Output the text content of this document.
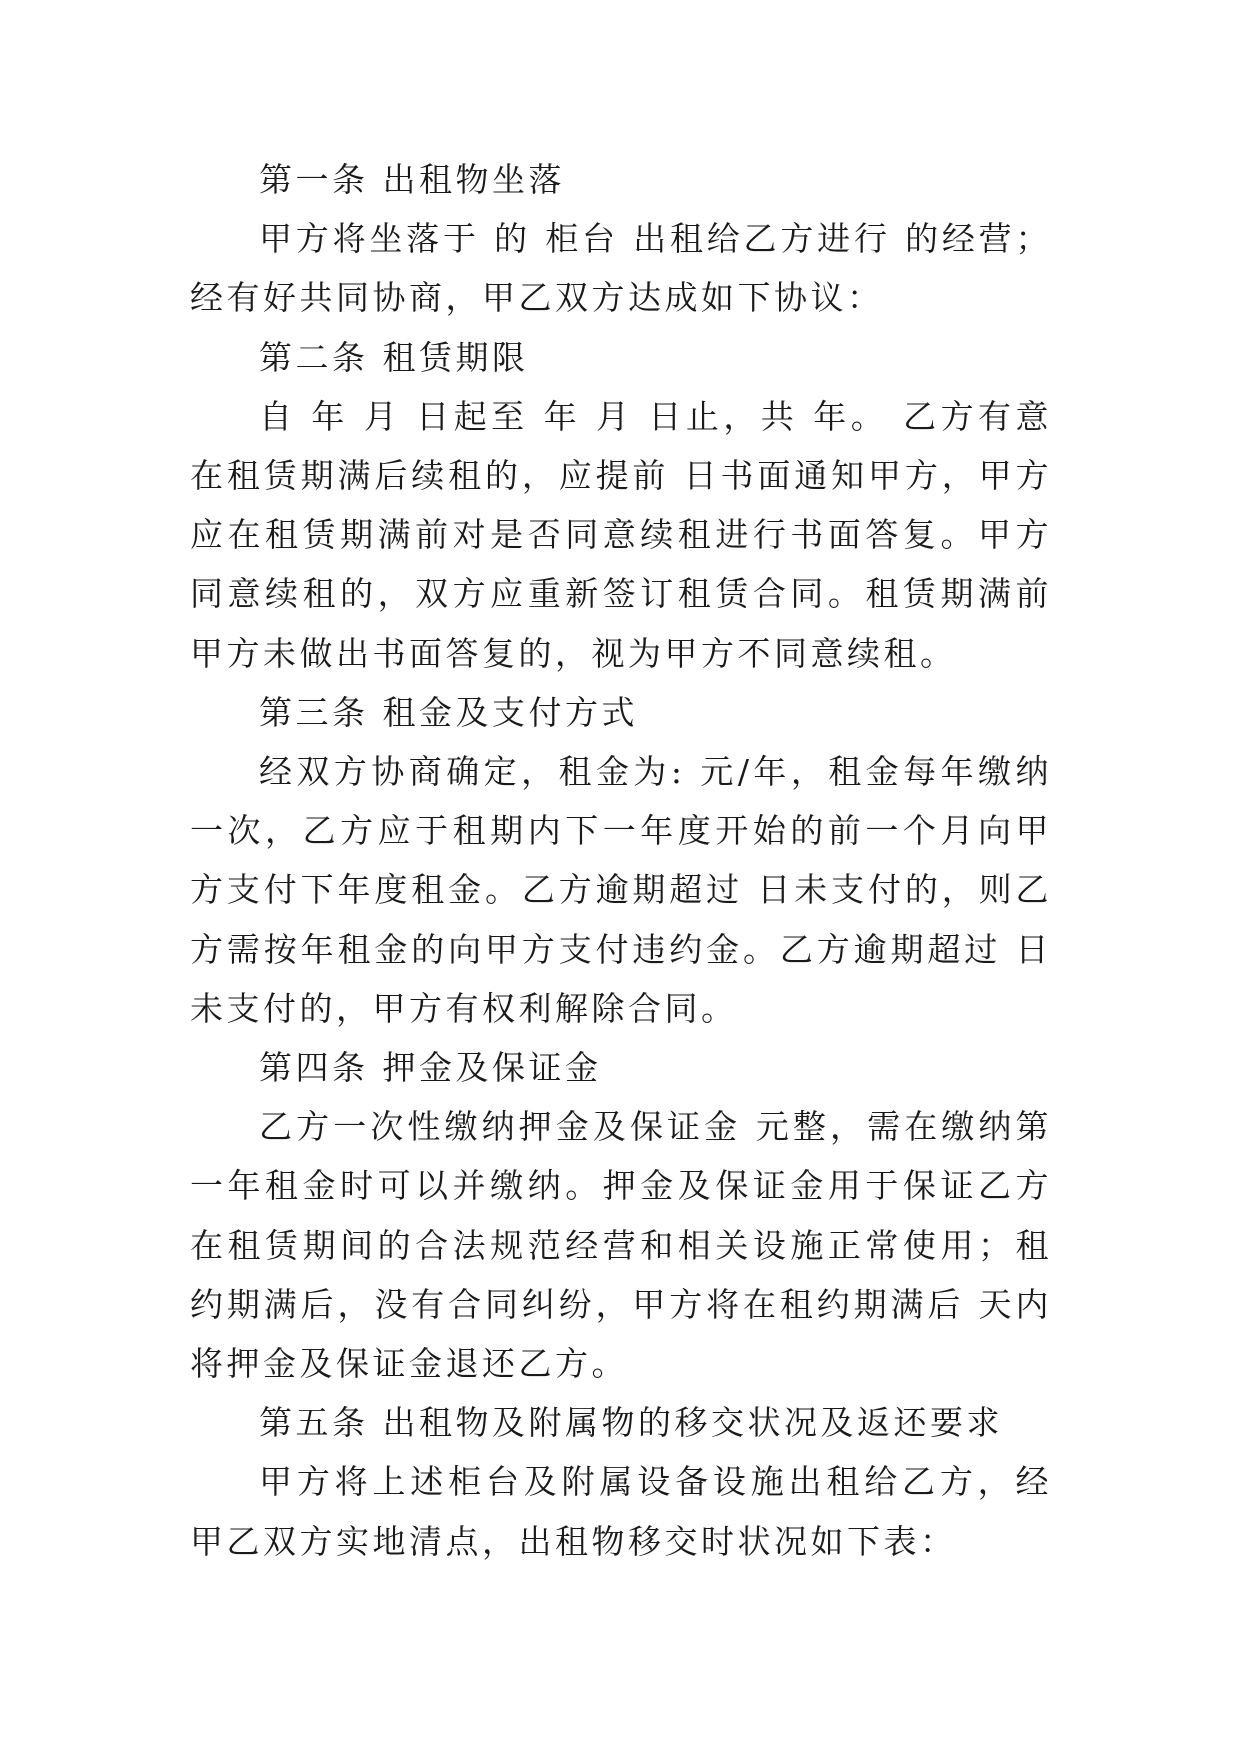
第一条 出租物坐落

甲方将坐落于 的 柜台 出租给乙方进行 的经营；经有好共同协商，甲乙双方达成如下协议：

第二条 租赁期限

自 年 月 日起至 年 月 日止，共 年。 乙方有意在租赁期满后续租的，应提前 日书面通知甲方，甲方应在租赁期满前对是否同意续租进行书面答复。甲方同意续租的，双方应重新签订租赁合同。租赁期满前甲方未做出书面答复的，视为甲方不同意续租。

第三条 租金及支付方式

经双方协商确定，租金为: 元/年，租金每年缴纳一次，乙方应于租期内下一年度开始的前一个月向甲方支付下年度租金。乙方逾期超过 日未支付的，则乙方需按年租金的向甲方支付违约金。乙方逾期超过 日未支付的，甲方有权利解除合同。

第四条 押金及保证金

乙方一次性缴纳押金及保证金 元整，需在缴纳第一年租金时可以并缴纳。押金及保证金用于保证乙方在租赁期间的合法规范经营和相关设施正常使用；租约期满后，没有合同纠纷，甲方将在租约期满后 天内将押金及保证金退还乙方。

第五条 出租物及附属物的移交状况及返还要求

甲方将上述柜台及附属设备设施出租给乙方，经甲乙双方实地清点，出租物移交时状况如下表：
